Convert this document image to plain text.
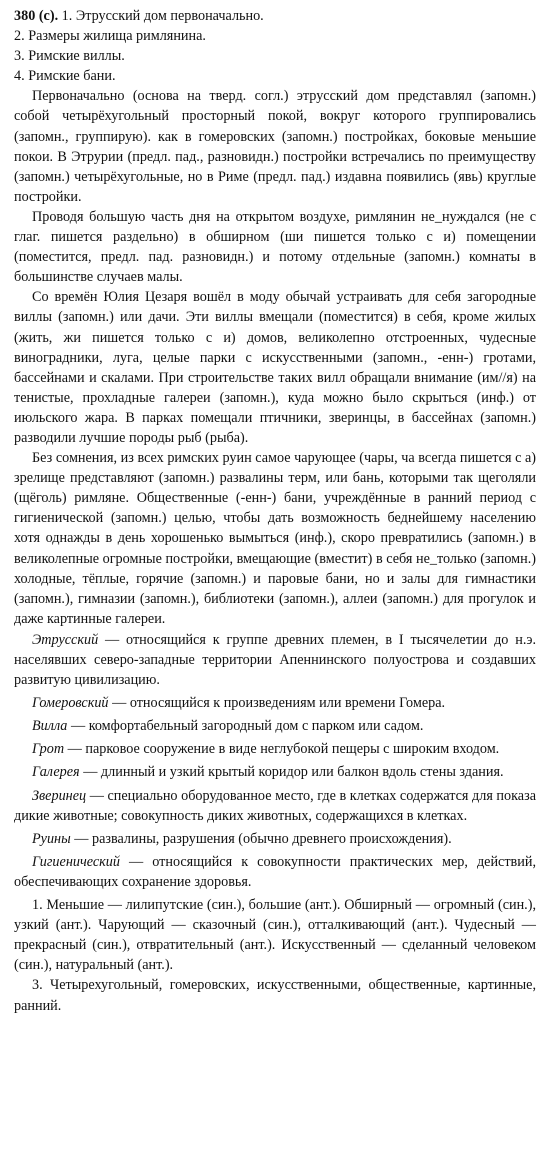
380 (с). 1. Этрусский дом первоначально.

2. Размеры жилища римлянина.

3. Римские виллы.

4. Римские бани.

Первоначально (основа на тверд. согл.) этрусский дом представлял (запомн.) собой четырёхугольный просторный покой, вокруг которого группировались (запомн., группирую). как в гомеровских (запомн.) постройках, боковые меньшие покои. В Этрурии (предл. пад., разновидн.) постройки встречались по преимуществу (запомн.) четырёхугольные, но в Риме (предл. пад.) издавна появились (явь) круглые постройки.

Проводя большую часть дня на открытом воздухе, римлянин не_нуждался (не с глаг. пишется раздельно) в обширном (ши пишется только с и) помещении (поместится, предл. пад. разновидн.) и потому отдельные (запомн.) комнаты в большинстве случаев малы.

Со времён Юлия Цезаря вошёл в моду обычай устраивать для себя загородные виллы (запомн.) или дачи. Эти виллы вмещали (поместится) в себя, кроме жилых (жить, жи пишется только с и) домов, великолепно отстроенных, чудесные виноградники, луга, целые парки с искусственными (запомн., -енн-) гротами, бассейнами и скалами. При строительстве таких вилл обращали внимание (им//я) на тенистые, прохладные галереи (запомн.), куда можно было скрыться (инф.) от июльского жара. В парках помещали птичники, зверинцы, в бассейнах (запомн.) разводили лучшие породы рыб (рыба).

Без сомнения, из всех римских руин самое чарующее (чары, ча всегда пишется с а) зрелище представляют (запомн.) развалины терм, или бань, которыми так щеголяли (щёголь) римляне. Общественные (-енн-) бани, учреждённые в ранний период с гигиенической (запомн.) целью, чтобы дать возможность беднейшему населению хотя однажды в день хорошенько вымыться (инф.), скоро превратились (запомн.) в великолепные огромные постройки, вмещающие (вместит) в себя не_только (запомн.) холодные, тёплые, горячие (запомн.) и паровые бани, но и залы для гимнастики (запомн.), гимназии (запомн.), библиотеки (запомн.), аллеи (запомн.) для прогулок и даже картинные галереи.

Этрусский — относящийся к группе древних племен, в I тысячелетии до н.э. населявших северо-западные территории Апеннинского полуострова и создавших развитую цивилизацию.

Гомеровский — относящийся к произведениям или времени Гомера.

Вилла — комфортабельный загородный дом с парком или садом.

Грот — парковое сооружение в виде неглубокой пещеры с широким входом.

Галерея — длинный и узкий крытый коридор или балкон вдоль стены здания.

Зверинец — специально оборудованное место, где в клетках содержатся для показа дикие животные; совокупность диких животных, содержащихся в клетках.

Руины — развалины, разрушения (обычно древнего происхождения).

Гигиенический — относящийся к совокупности практических мер, действий, обеспечивающих сохранение здоровья.

1. Меньшие — лилипутские (син.), большие (ант.). Обширный — огромный (син.), узкий (ант.). Чарующий — сказочный (син.), отталкивающий (ант.). Чудесный — прекрасный (син.), отвратительный (ант.). Искусственный — сделанный человеком (син.), натуральный (ант.).

3. Четырехугольный, гомеровских, искусственными, общественные, картинные, ранний.
